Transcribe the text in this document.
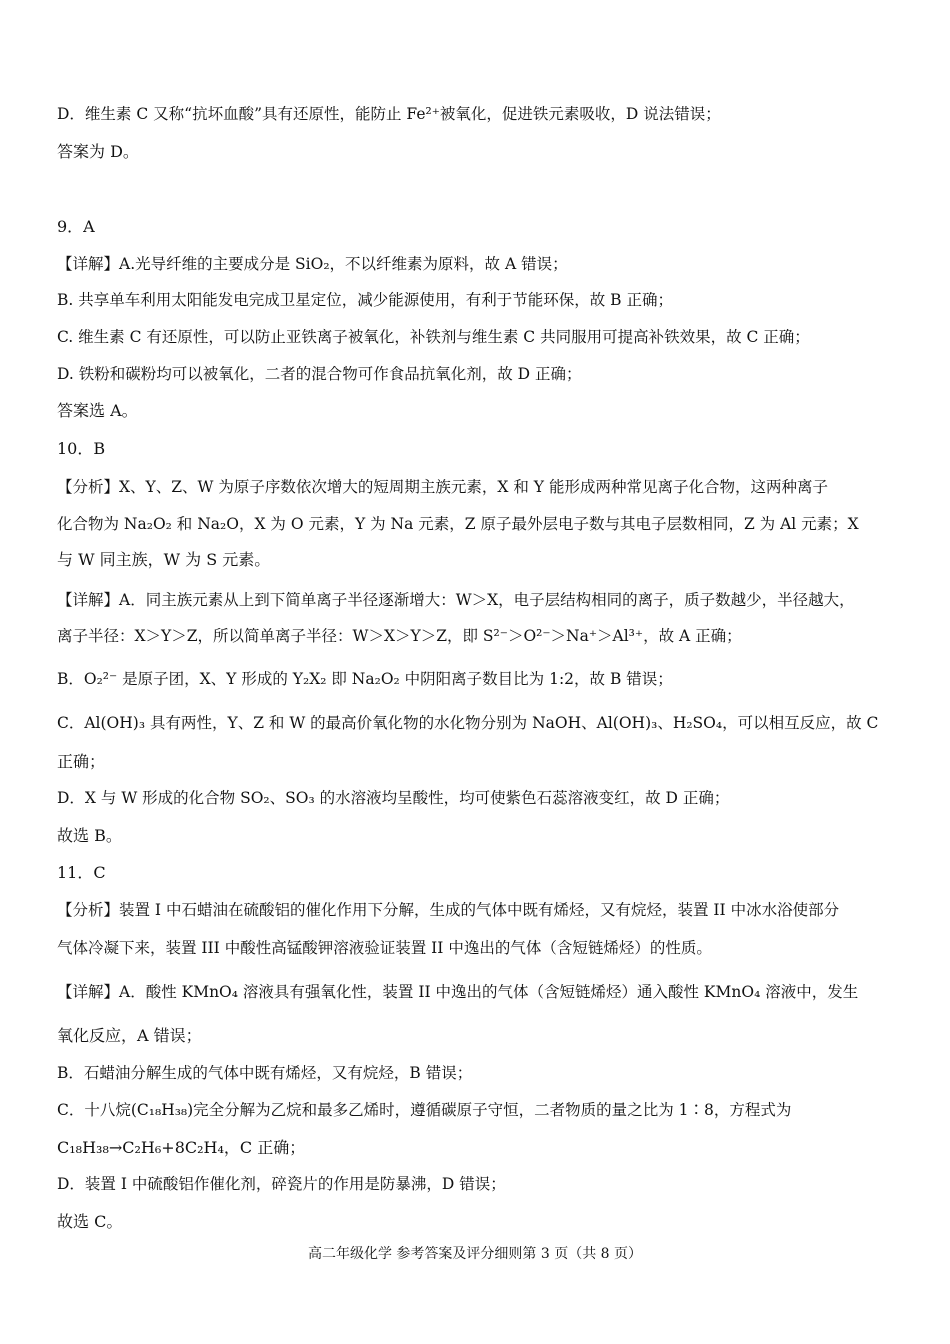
D．维生素 C 又称“抗坏血酸”具有还原性，能防止 Fe²⁺被氧化，促进铁元素吸收，D 说法错误；
答案为 D。
9．A
【详解】A.光导纤维的主要成分是 SiO₂，不以纤维素为原料，故 A 错误；
B. 共享单车利用太阳能发电完成卫星定位，减少能源使用，有利于节能环保，故 B 正确；
C. 维生素 C 有还原性，可以防止亚铁离子被氧化，补铁剂与维生素 C 共同服用可提高补铁效果，故 C 正确；
D. 铁粉和碳粉均可以被氧化，二者的混合物可作食品抗氧化剂，故 D 正确；
答案选 A。
10．B
【分析】X、Y、Z、W 为原子序数依次增大的短周期主族元素，X 和 Y 能形成两种常见离子化合物，这两种离子
化合物为 Na₂O₂ 和 Na₂O，X 为 O 元素，Y 为 Na 元素，Z 原子最外层电子数与其电子层数相同，Z 为 Al 元素；X
与 W 同主族，W 为 S 元素。
【详解】A．同主族元素从上到下简单离子半径逐渐增大：W＞X，电子层结构相同的离子，质子数越少，半径越大，
离子半径：X＞Y＞Z，所以简单离子半径：W＞X＞Y＞Z，即 S²⁻＞O²⁻＞Na⁺＞Al³⁺，故 A 正确；
B．O₂²⁻ 是原子团，X、Y 形成的 Y₂X₂ 即 Na₂O₂ 中阴阳离子数目比为 1:2，故 B 错误；
C．Al(OH)₃ 具有两性，Y、Z 和 W 的最高价氧化物的水化物分别为 NaOH、Al(OH)₃、H₂SO₄，可以相互反应，故 C
正确；
D．X 与 W 形成的化合物 SO₂、SO₃ 的水溶液均呈酸性，均可使紫色石蕊溶液变红，故 D 正确；
故选 B。
11．C
【分析】装置 I 中石蜡油在硫酸铝的催化作用下分解，生成的气体中既有烯烃，又有烷烃，装置 II 中冰水浴使部分
气体冷凝下来，装置 III 中酸性高锰酸钾溶液验证装置 II 中逸出的气体（含短链烯烃）的性质。
【详解】A．酸性 KMnO₄ 溶液具有强氧化性，装置 II 中逸出的气体（含短链烯烃）通入酸性 KMnO₄ 溶液中，发生
氧化反应，A 错误；
B．石蜡油分解生成的气体中既有烯烃，又有烷烃，B 错误；
C．十八烷(C₁₈H₃₈)完全分解为乙烷和最多乙烯时，遵循碳原子守恒，二者物质的量之比为 1∶8，方程式为
C₁₈H₃₈→C₂H₆+8C₂H₄，C 正确；
D．装置 I 中硫酸铝作催化剂，碎瓷片的作用是防暴沸，D 错误；
故选 C。
高二年级化学 参考答案及评分细则第 3 页（共 8 页）
